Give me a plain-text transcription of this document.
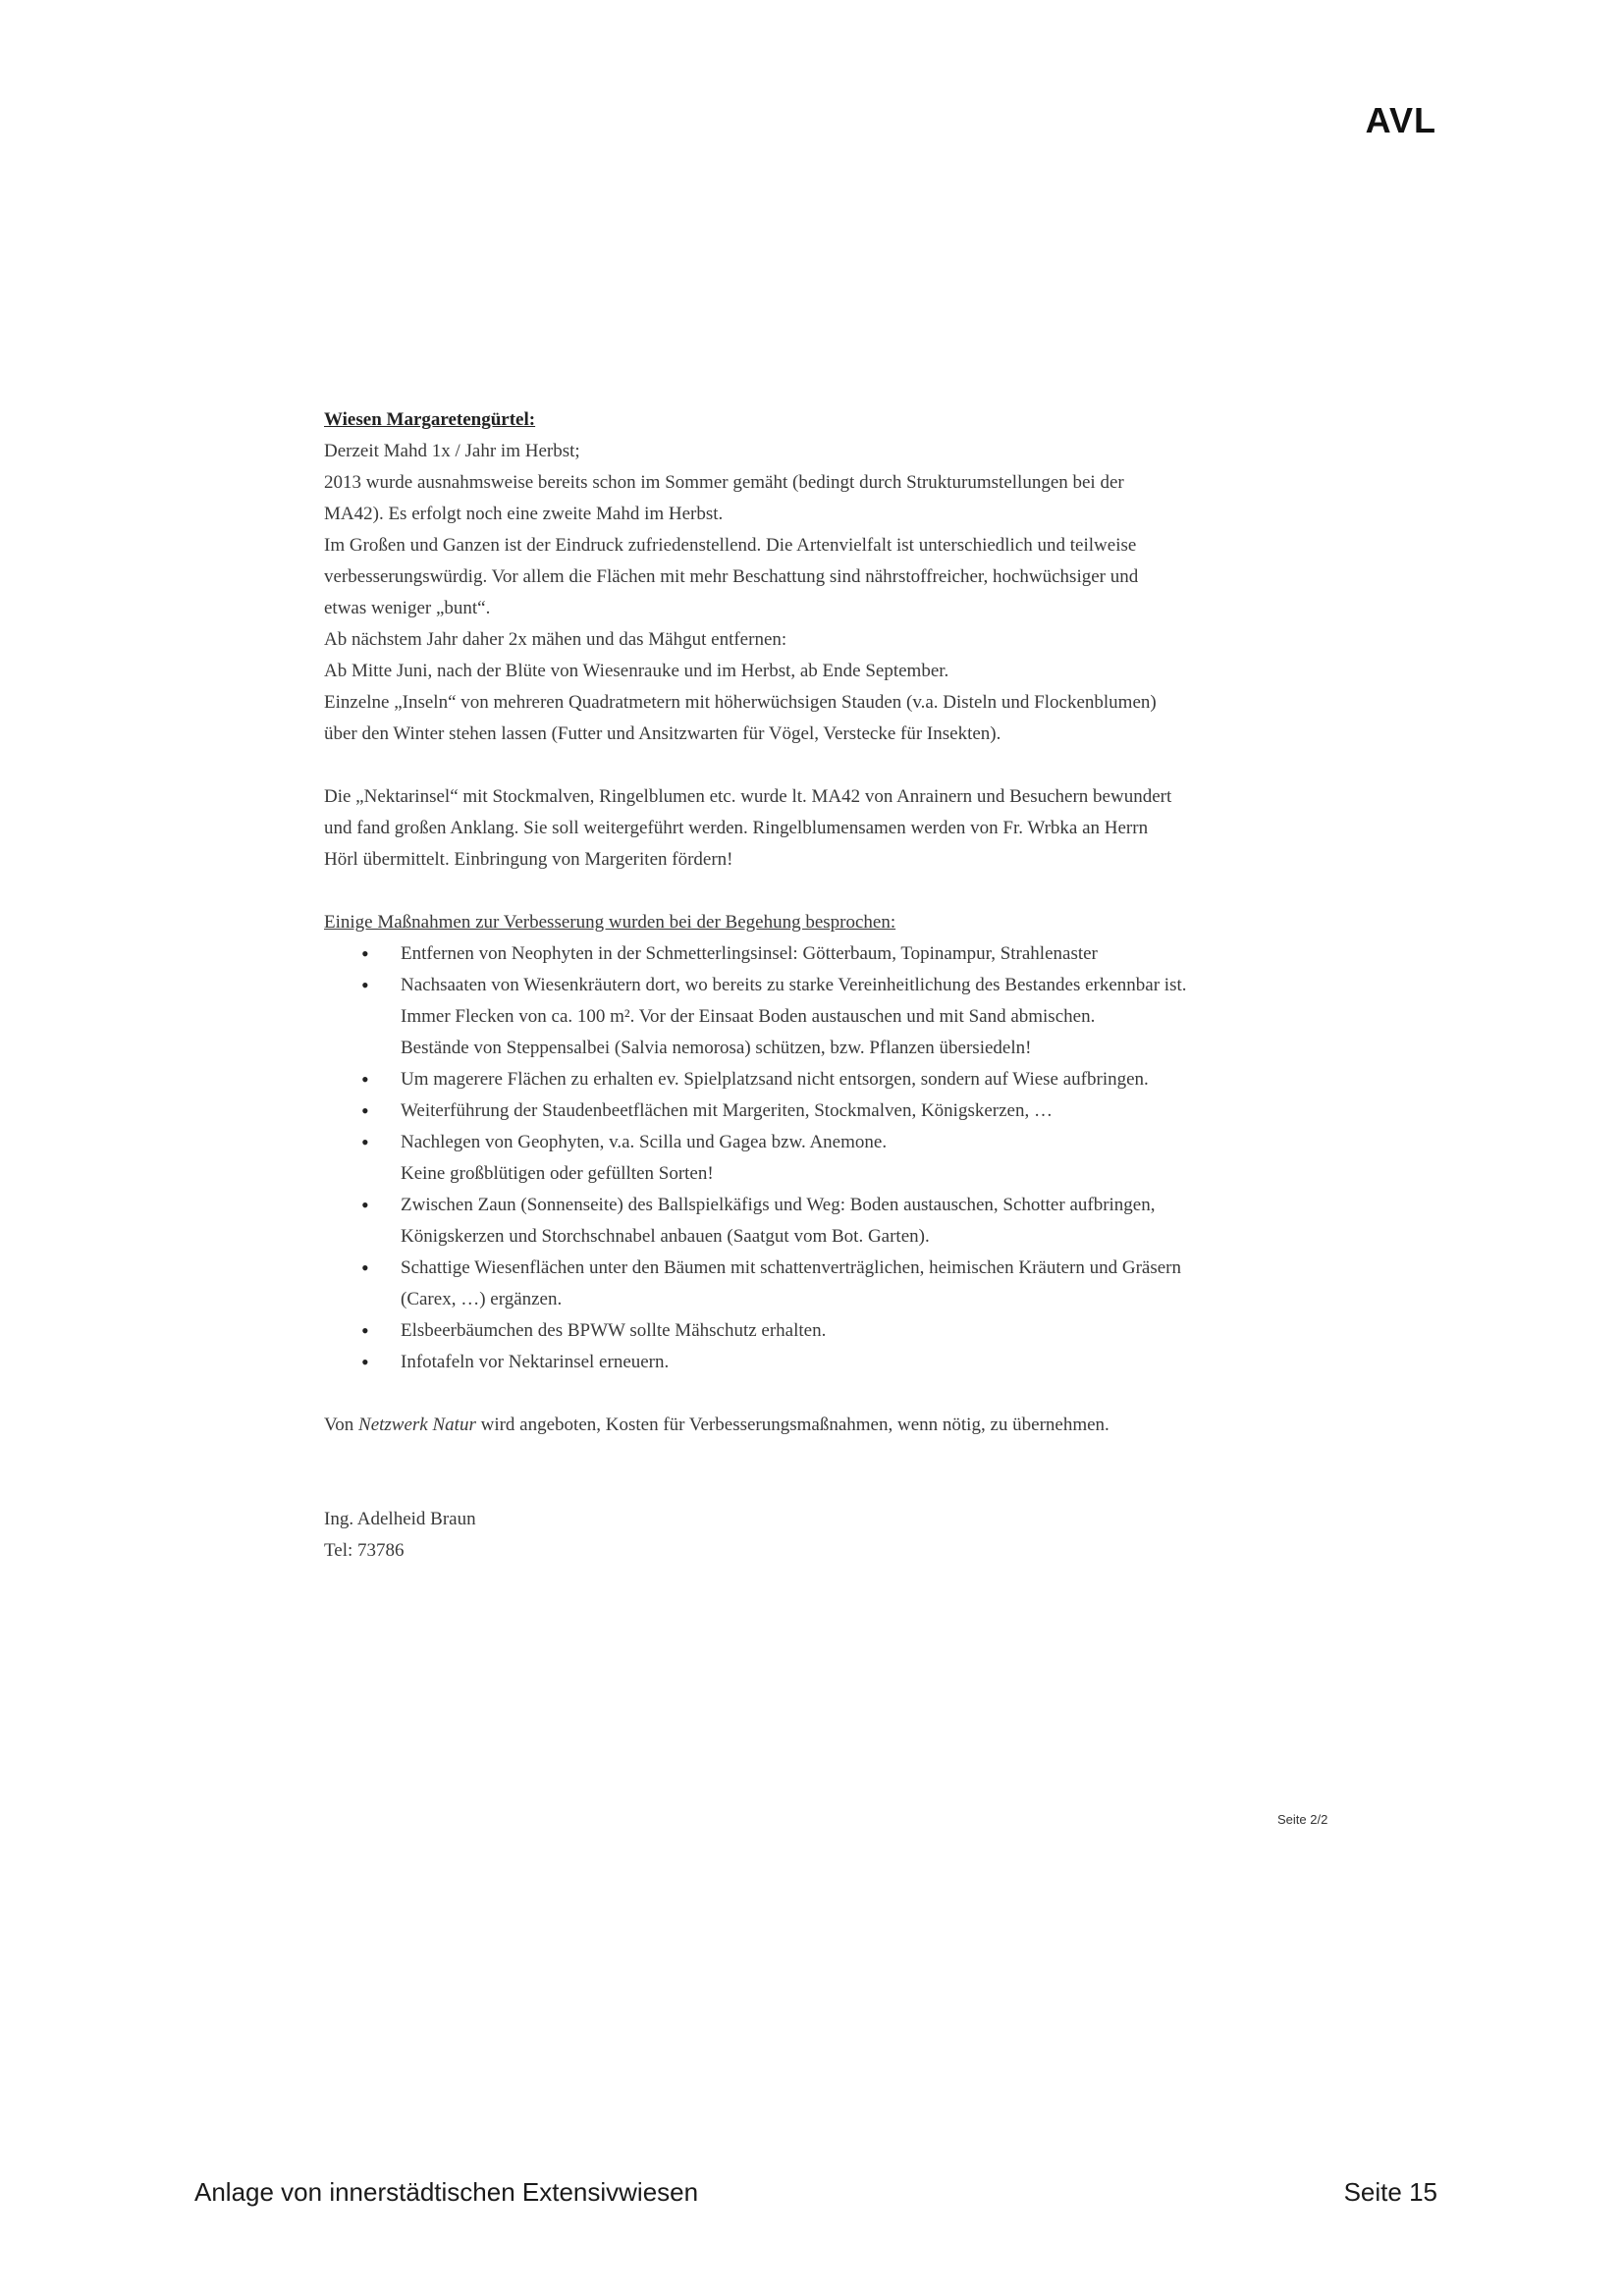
AVL

Wiesen Margaretengürtel:

Derzeit Mahd 1x / Jahr im Herbst;

2013 wurde ausnahmsweise bereits schon im Sommer gemäht (bedingt durch Strukturumstellungen bei der

MA42). Es erfolgt noch eine zweite Mahd im Herbst.

Im Großen und Ganzen ist der Eindruck zufriedenstellend. Die Artenvielfalt ist unterschiedlich und teilweise

verbesserungswürdig. Vor allem die Flächen mit mehr Beschattung sind nährstoffreicher, hochwüchsiger und

etwas weniger „bunt“.

Ab nächstem Jahr daher 2x mähen und das Mähgut entfernen:

Ab Mitte Juni, nach der Blüte von Wiesenrauke und im Herbst, ab Ende September.

Einzelne „Inseln“ von mehreren Quadratmetern mit höherwüchsigen Stauden (v.a. Disteln und Flockenblumen)

über den Winter stehen lassen (Futter und Ansitzwarten für Vögel, Verstecke für Insekten).

Die „Nektarinsel“ mit Stockmalven, Ringelblumen etc. wurde lt. MA42 von Anrainern und Besuchern bewundert

und fand großen Anklang. Sie soll weitergeführt werden. Ringelblumensamen werden von Fr. Wrbka an Herrn

Hörl übermittelt. Einbringung von Margeriten fördern!

Einige Maßnahmen zur Verbesserung wurden bei der Begehung besprochen:

• Entfernen von Neophyten in der Schmetterlingsinsel: Götterbaum, Topinampur, Strahlenaster
• Nachsaaten von Wiesenkräutern dort, wo bereits zu starke Vereinheitlichung des Bestandes erkennbar ist.
Immer Flecken von ca. 100 m². Vor der Einsaat Boden austauschen und mit Sand abmischen.
Bestände von Steppensalbei (Salvia nemorosa) schützen, bzw. Pflanzen übersiedeln!
• Um magerere Flächen zu erhalten ev. Spielplatzsand nicht entsorgen, sondern auf Wiese aufbringen.
• Weiterführung der Staudenbeetflächen mit Margeriten, Stockmalven, Königskerzen, …
• Nachlegen von Geophyten, v.a. Scilla und Gagea bzw. Anemone.
Keine großblütigen oder gefüllten Sorten!
• Zwischen Zaun (Sonnenseite) des Ballspielkäfigs und Weg: Boden austauschen, Schotter aufbringen,
Königskerzen und Storchschnabel anbauen (Saatgut vom Bot. Garten).
• Schattige Wiesenflächen unter den Bäumen mit schattenverträglichen, heimischen Kräutern und Gräsern
(Carex, …) ergänzen.
• Elsbeerbäumchen des BPWW sollte Mähschutz erhalten.
• Infotafeln vor Nektarinsel erneuern.

Von Netzwerk Natur wird angeboten, Kosten für Verbesserungsmaßnahmen, wenn nötig, zu übernehmen.

Ing. Adelheid Braun

Tel: 73786

Seite 2/2
Anlage von innerstädtischen Extensivwiesen	Seite 15
